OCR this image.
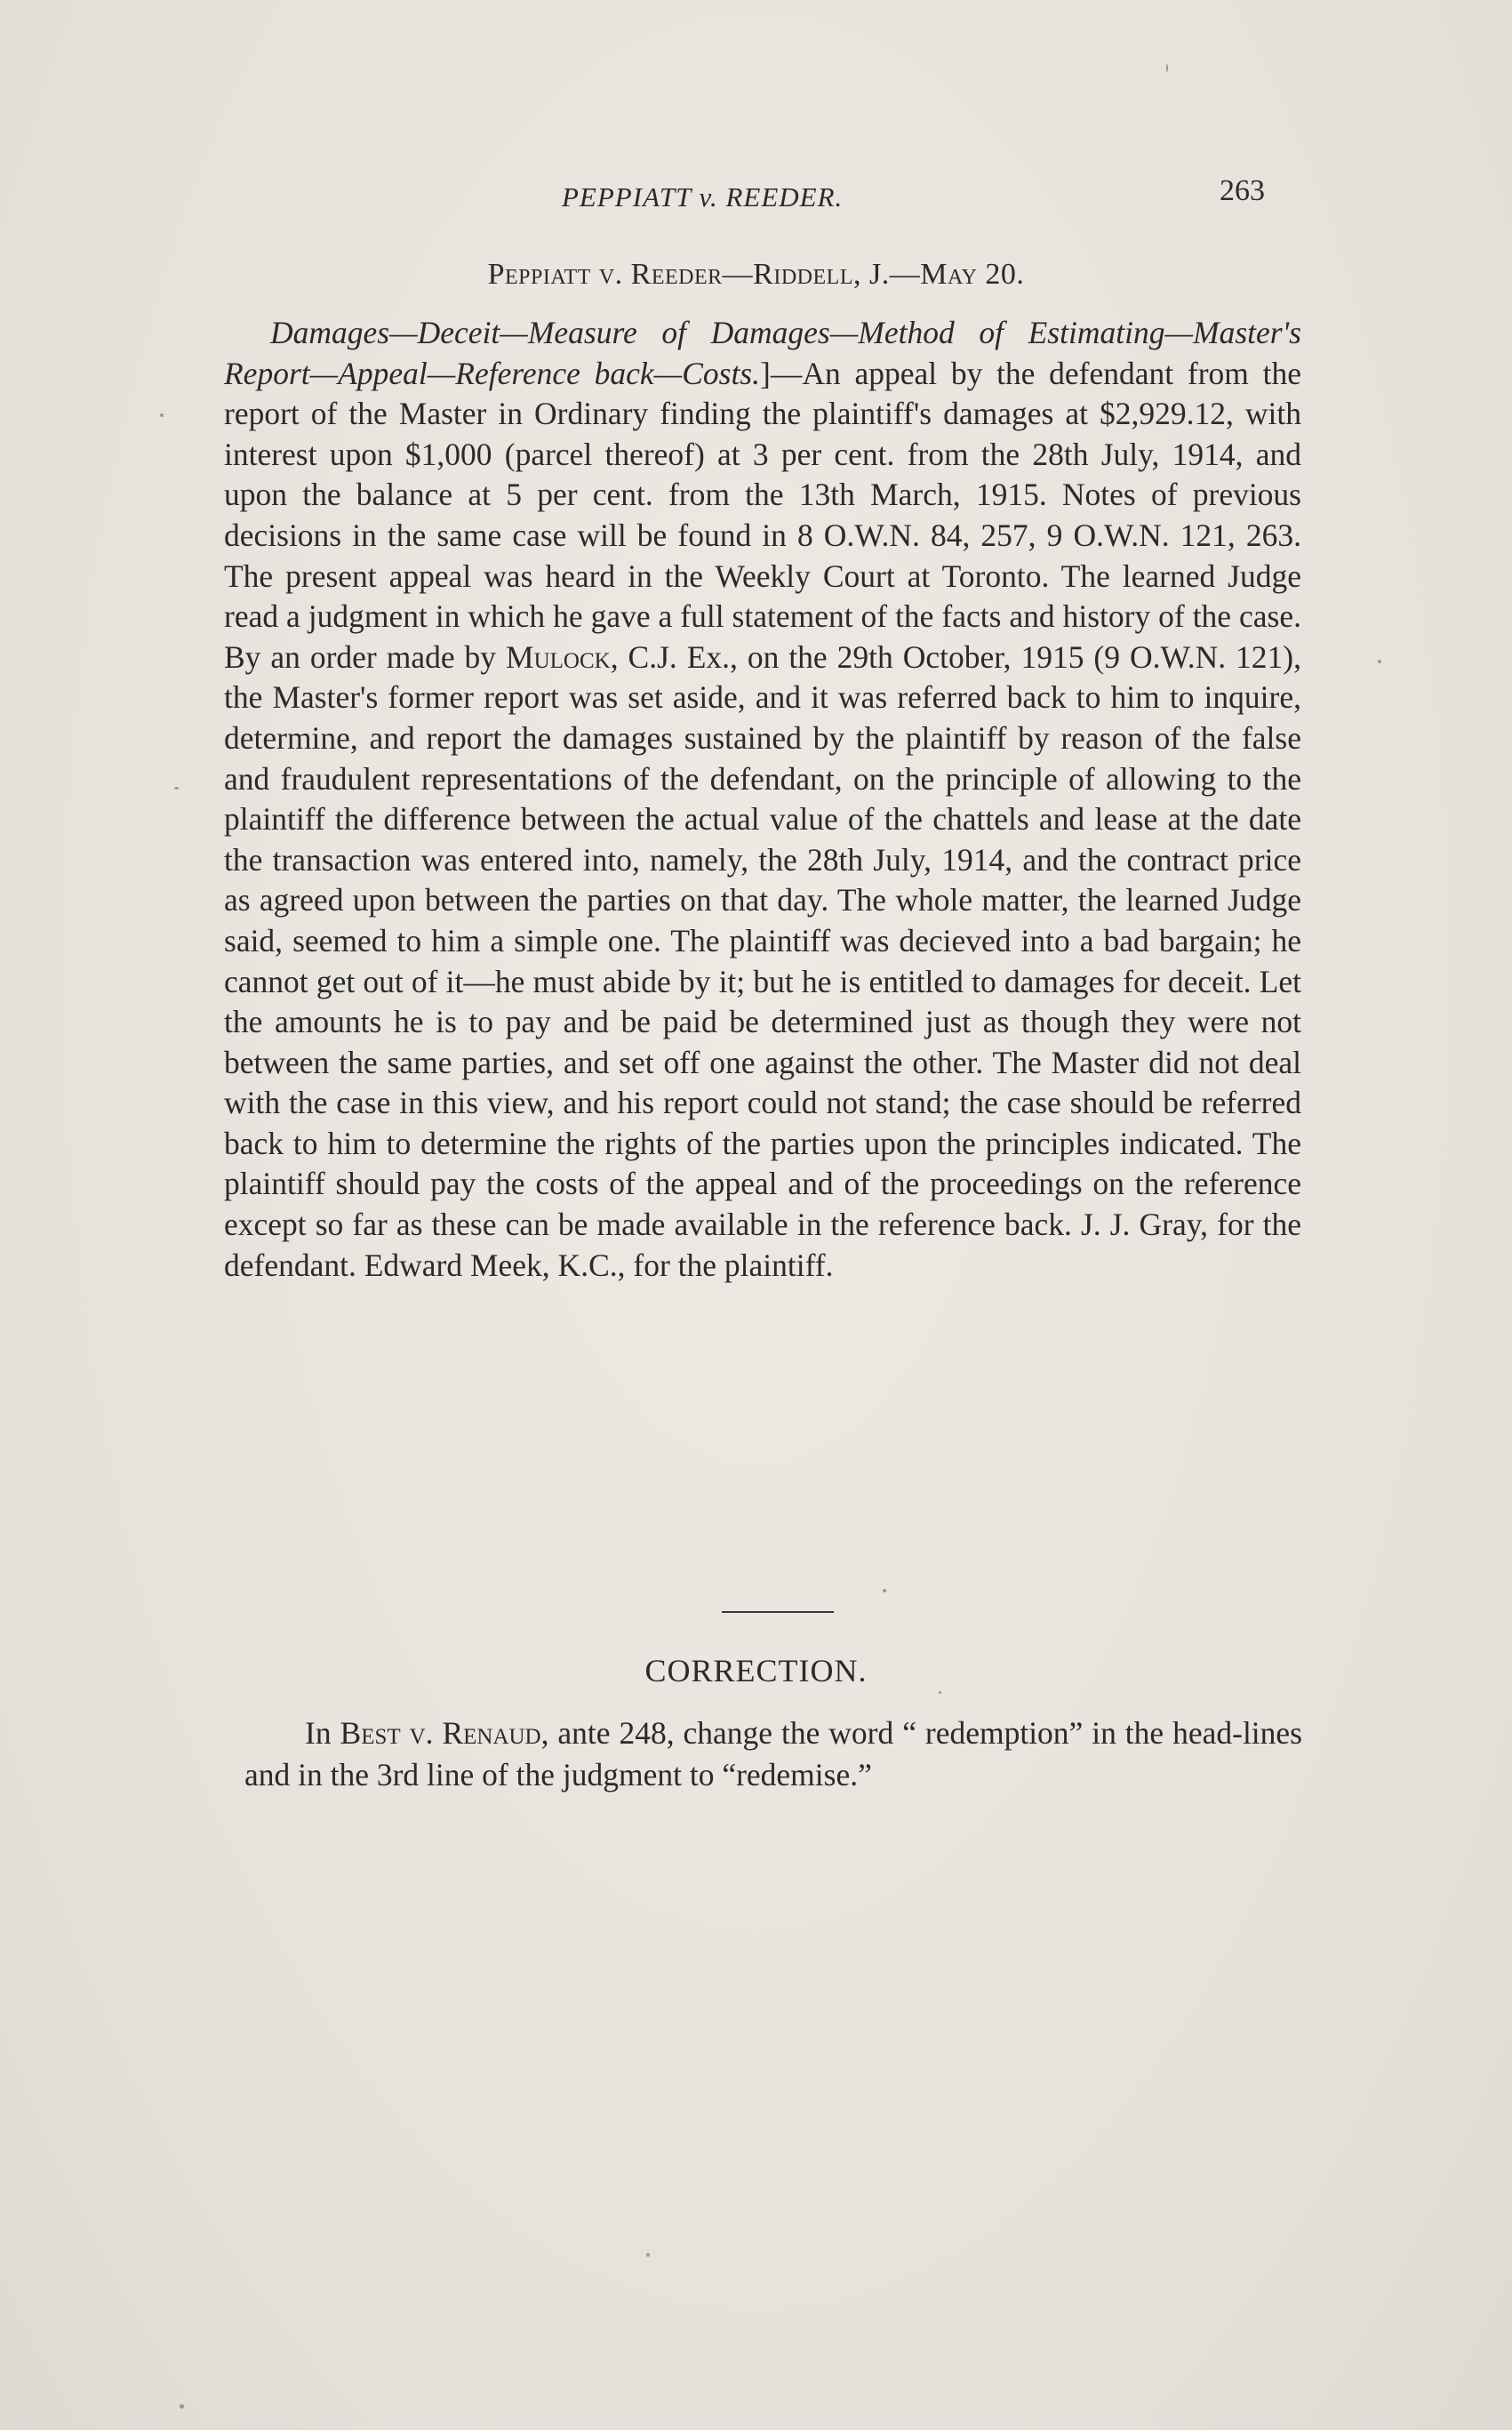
PEPPIATT v. REEDER.	263
Peppiatt v. Reeder—Riddell, J.—May 20.

Damages—Deceit—Measure of Damages—Method of Estimating—Master's Report—Appeal—Reference back—Costs.]—An appeal by the defendant from the report of the Master in Ordinary finding the plaintiff's damages at $2,929.12, with interest upon $1,000 (parcel thereof) at 3 per cent. from the 28th July, 1914, and upon the balance at 5 per cent. from the 13th March, 1915. Notes of previous decisions in the same case will be found in 8 O.W.N. 84, 257, 9 O.W.N. 121, 263. The present appeal was heard in the Weekly Court at Toronto. The learned Judge read a judgment in which he gave a full statement of the facts and history of the case. By an order made by Mulock, C.J. Ex., on the 29th October, 1915 (9 O.W.N. 121), the Master's former report was set aside, and it was referred back to him to inquire, determine, and report the damages sustained by the plaintiff by reason of the false and fraudulent representations of the defendant, on the principle of allowing to the plaintiff the difference between the actual value of the chattels and lease at the date the transaction was entered into, namely, the 28th July, 1914, and the contract price as agreed upon between the parties on that day. The whole matter, the learned Judge said, seemed to him a simple one. The plaintiff was decieved into a bad bargain; he cannot get out of it—he must abide by it; but he is entitled to damages for deceit. Let the amounts he is to pay and be paid be determined just as though they were not between the same parties, and set off one against the other. The Master did not deal with the case in this view, and his report could not stand; the case should be referred back to him to determine the rights of the parties upon the principles indicated. The plaintiff should pay the costs of the appeal and of the proceedings on the reference except so far as these can be made available in the reference back. J. J. Gray, for the defendant. Edward Meek, K.C., for the plaintiff.

CORRECTION.

In Best v. Renaud, ante 248, change the word “ redemption” in the head-lines and in the 3rd line of the judgment to “redemise.”
